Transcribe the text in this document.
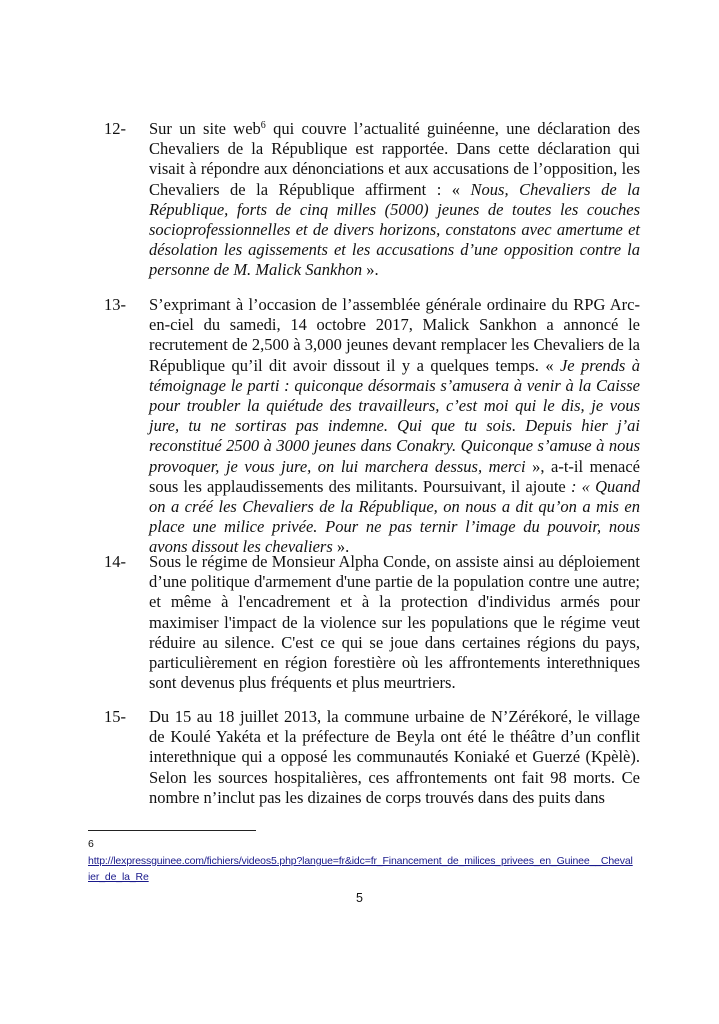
12- Sur un site web$^6$ qui couvre l’actualité guinéenne, une déclaration des Chevaliers de la République est rapportée. Dans cette déclaration qui visait à répondre aux dénonciations et aux accusations de l’opposition, les Chevaliers de la République affirment : « Nous, Chevaliers de la République, forts de cinq milles (5000) jeunes de toutes les couches socioprofessionnelles et de divers horizons, constatons avec amertume et désolation les agissements et les accusations d’une opposition contre la personne de M. Malick Sankhon ».
13- S’exprimant à l’occasion de l’assemblée générale ordinaire du RPG Arc-en-ciel du samedi, 14 octobre 2017, Malick Sankhon a annoncé le recrutement de 2,500 à 3,000 jeunes devant remplacer les Chevaliers de la République qu’il dit avoir dissout il y a quelques temps. « Je prends à témoignage le parti : quiconque désormais s’amusera à venir à la Caisse pour troubler la quiétude des travailleurs, c’est moi qui le dis, je vous jure, tu ne sortiras pas indemne. Qui que tu sois. Depuis hier j’ai reconstitué 2500 à 3000 jeunes dans Conakry. Quiconque s’amuse à nous provoquer, je vous jure, on lui marchera dessus, merci », a-t-il menacé sous les applaudissements des militants. Poursuivant, il ajoute : « Quand on a créé les Chevaliers de la République, on nous a dit qu’on a mis en place une milice privée. Pour ne pas ternir l’image du pouvoir, nous avons dissout les chevaliers ».
14- Sous le régime de Monsieur Alpha Conde, on assiste ainsi au déploiement d’une politique d'armement d'une partie de la population contre une autre; et même à l'encadrement et à la protection d'individus armés pour maximiser l'impact de la violence sur les populations que le régime veut réduire au silence. C'est ce qui se joue dans certaines régions du pays, particulièrement en région forestière où les affrontements interethniques sont devenus plus fréquents et plus meurtriers.
15- Du 15 au 18 juillet 2013, la commune urbaine de N’Zérékoré, le village de Koulé Yakéta et la préfecture de Beyla ont été le théâtre d’un conflit interethnique qui a opposé les communautés Koniaké et Guerzé (Kpèlè). Selon les sources hospitalières, ces affrontements ont fait 98 morts. Ce nombre n’inclut pas les dizaines de corps trouvés dans des puits dans
6
http://lexpressguinee.com/fichiers/videos5.php?langue=fr&idc=fr_Financement_de_milices_privees_en_Guinee__Chevalier_de_la_Re
5
